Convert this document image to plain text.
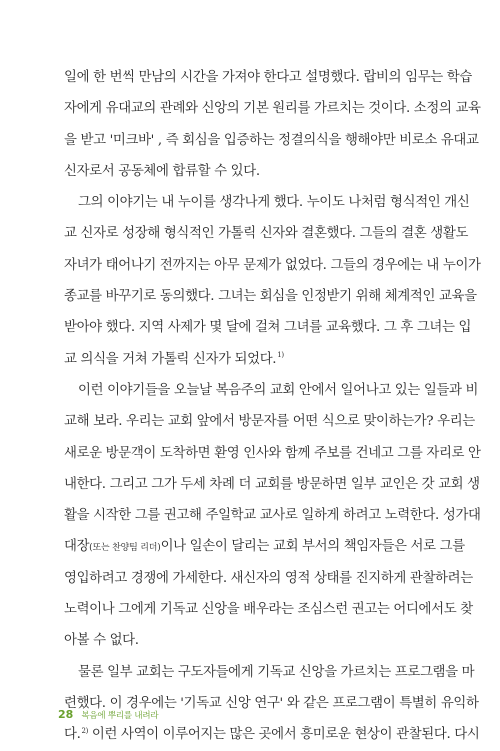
일에 한 번씩 만남의 시간을 가져야 한다고 설명했다. 랍비의 임무는 학습
자에게 유대교의 관례와 신앙의 기본 원리를 가르치는 것이다. 소정의 교육
을 받고 '미크바' , 즉 회심을 입증하는 정결의식을 행해야만 비로소 유대교
신자로서 공동체에 합류할 수 있다.
그의 이야기는 내 누이를 생각나게 했다. 누이도 나처럼 형식적인 개신
교 신자로 성장해 형식적인 가톨릭 신자와 결혼했다. 그들의 결혼 생활도
자녀가 태어나기 전까지는 아무 문제가 없었다. 그들의 경우에는 내 누이가
종교를 바꾸기로 동의했다. 그녀는 회심을 인정받기 위해 체계적인 교육을
받아야 했다. 지역 사제가 몇 달에 걸쳐 그녀를 교육했다. 그 후 그녀는 입
교 의식을 거쳐 가톨릭 신자가 되었다.$^{1)}$
이런 이야기들을 오늘날 복음주의 교회 안에서 일어나고 있는 일들과 비
교해 보라. 우리는 교회 앞에서 방문자를 어떤 식으로 맞이하는가? 우리는
새로운 방문객이 도착하면 환영 인사와 함께 주보를 건네고 그를 자리로 안
내한다. 그리고 그가 두세 차례 더 교회를 방문하면 일부 교인은 갓 교회 생
활을 시작한 그를 권고해 주일학교 교사로 일하게 하려고 노력한다. 성가대
대장(또는 찬양팀 리더)이나 일손이 달리는 교회 부서의 책임자들은 서로 그를
영입하려고 경쟁에 가세한다. 새신자의 영적 상태를 진지하게 관찰하려는
노력이나 그에게 기독교 신앙을 배우라는 조심스런 권고는 어디에서도 찾
아볼 수 없다.
물론 일부 교회는 구도자들에게 기독교 신앙을 가르치는 프로그램을 마
련했다. 이 경우에는 '기독교 신앙 연구' 와 같은 프로그램이 특별히 유익하
다.$^{2)}$ 이런 사역이 이루어지는 많은 곳에서 흥미로운 현상이 관찰된다. 다시
28 복음에 뿌리를 내려라
